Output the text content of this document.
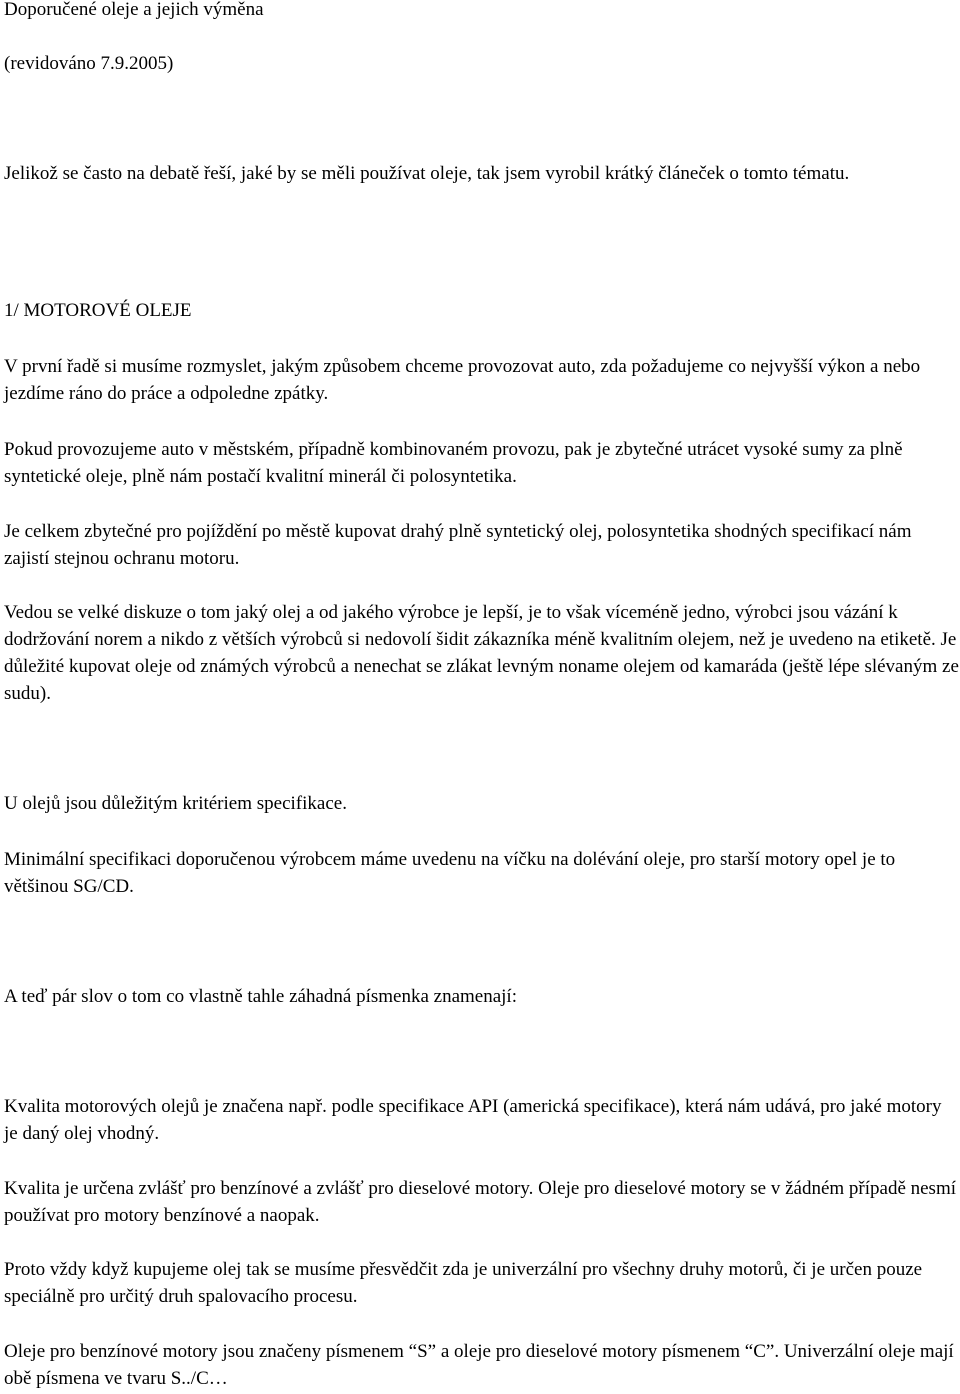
Doporučené oleje a jejich výměna

(revidováno 7.9.2005)

Jelikož se často na debatě řeší, jaké by se měli používat oleje, tak jsem vyrobil krátký článeček o tomto tématu.

1/ MOTOROVÉ OLEJE

V první řadě si musíme rozmyslet, jakým způsobem chceme provozovat auto, zda požadujeme co nejvyšší výkon a nebo jezdíme ráno do práce a odpoledne zpátky.

Pokud provozujeme auto v městském, případně kombinovaném provozu, pak je zbytečné utrácet vysoké sumy za plně syntetické oleje, plně nám postačí kvalitní minerál či polosyntetika.

Je celkem zbytečné pro pojíždění po městě kupovat drahý plně syntetický olej, polosyntetika shodných specifikací nám zajistí stejnou ochranu motoru.

Vedou se velké diskuze o tom jaký olej a od jakého výrobce je lepší, je to však víceméně jedno, výrobci jsou vázání k dodržování norem a nikdo z větších výrobců si nedovolí šidit zákazníka méně kvalitním olejem, než je uvedeno na etiketě. Je důležité kupovat oleje od známých výrobců a nenechat se zlákat levným noname olejem od kamaráda (ještě lépe slévaným ze sudu).

U olejů jsou důležitým kritériem specifikace.

Minimální specifikaci doporučenou výrobcem máme uvedenu na víčku na dolévání oleje, pro starší motory opel je to většinou SG/CD.

A teď pár slov o tom co vlastně tahle záhadná písmenka znamenají:

Kvalita motorových olejů je značena např. podle specifikace API (americká specifikace), která nám udává, pro jaké motory je daný olej vhodný.

Kvalita je určena zvlášť pro benzínové a zvlášť pro dieselové motory. Oleje pro dieselové motory se v žádném případě nesmí používat pro motory benzínové a naopak.

Proto vždy když kupujeme olej tak se musíme přesvědčit zda je univerzální pro všechny druhy motorů, či je určen pouze speciálně pro určitý druh spalovacího procesu.

Oleje pro benzínové motory jsou značeny písmenem “S” a oleje pro dieselové motory písmenem “C”. Univerzální oleje mají obě písmena ve tvaru S../C…
